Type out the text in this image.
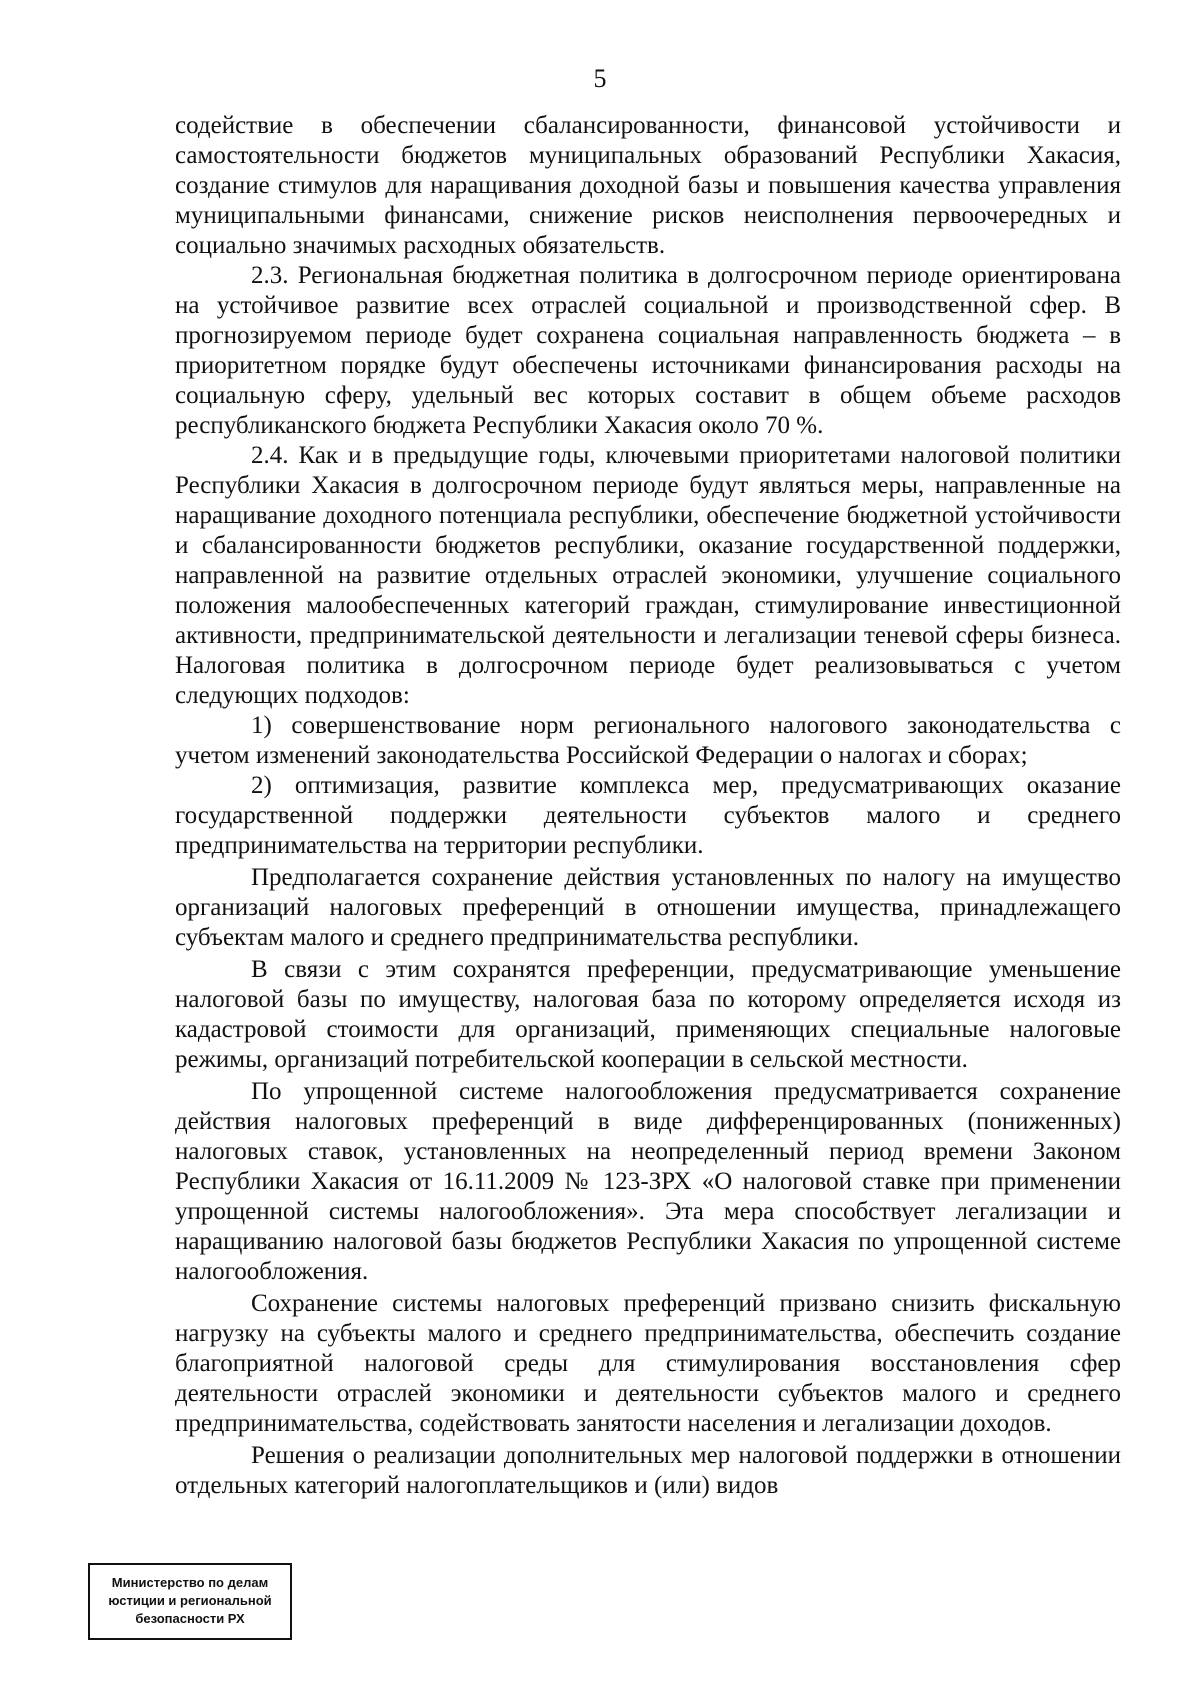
5

содействие в обеспечении сбалансированности, финансовой устойчивости и самостоятельности бюджетов муниципальных образований Республики Хакасия, создание стимулов для наращивания доходной базы и повышения качества управления муниципальными финансами, снижение рисков неисполнения первоочередных и социально значимых расходных обязательств.

2.3. Региональная бюджетная политика в долгосрочном периоде ориентирована на устойчивое развитие всех отраслей социальной и производственной сфер. В прогнозируемом периоде будет сохранена социальная направленность бюджета – в приоритетном порядке будут обеспечены источниками финансирования расходы на социальную сферу, удельный вес которых составит в общем объеме расходов республиканского бюджета Республики Хакасия около 70 %.

2.4. Как и в предыдущие годы, ключевыми приоритетами налоговой политики Республики Хакасия в долгосрочном периоде будут являться меры, направленные на наращивание доходного потенциала республики, обеспечение бюджетной устойчивости и сбалансированности бюджетов республики, оказание государственной поддержки, направленной на развитие отдельных отраслей экономики, улучшение социального положения малообеспеченных категорий граждан, стимулирование инвестиционной активности, предпринимательской деятельности и легализации теневой сферы бизнеса. Налоговая политика в долгосрочном периоде будет реализовываться с учетом следующих подходов:

1) совершенствование норм регионального налогового законодательства с учетом изменений законодательства Российской Федерации о налогах и сборах;

2) оптимизация, развитие комплекса мер, предусматривающих оказание государственной поддержки деятельности субъектов малого и среднего предпринимательства на территории республики.

Предполагается сохранение действия установленных по налогу на имущество организаций налоговых преференций в отношении имущества, принадлежащего субъектам малого и среднего предпринимательства республики.

В связи с этим сохранятся преференции, предусматривающие уменьшение налоговой базы по имуществу, налоговая база по которому определяется исходя из кадастровой стоимости для организаций, применяющих специальные налоговые режимы, организаций потребительской кооперации в сельской местности.

По упрощенной системе налогообложения предусматривается сохранение действия налоговых преференций в виде дифференцированных (пониженных) налоговых ставок, установленных на неопределенный период времени Законом Республики Хакасия от 16.11.2009 № 123-ЗРХ «О налоговой ставке при применении упрощенной системы налогообложения». Эта мера способствует легализации и наращиванию налоговой базы бюджетов Республики Хакасия по упрощенной системе налогообложения.

Сохранение системы налоговых преференций призвано снизить фискальную нагрузку на субъекты малого и среднего предпринимательства, обеспечить создание благоприятной налоговой среды для стимулирования восстановления сфер деятельности отраслей экономики и деятельности субъектов малого и среднего предпринимательства, содействовать занятости населения и легализации доходов.

Решения о реализации дополнительных мер налоговой поддержки в отношении отдельных категорий налогоплательщиков и (или) видов

Министерство по делам
юстиции и региональной
безопасности РХ
